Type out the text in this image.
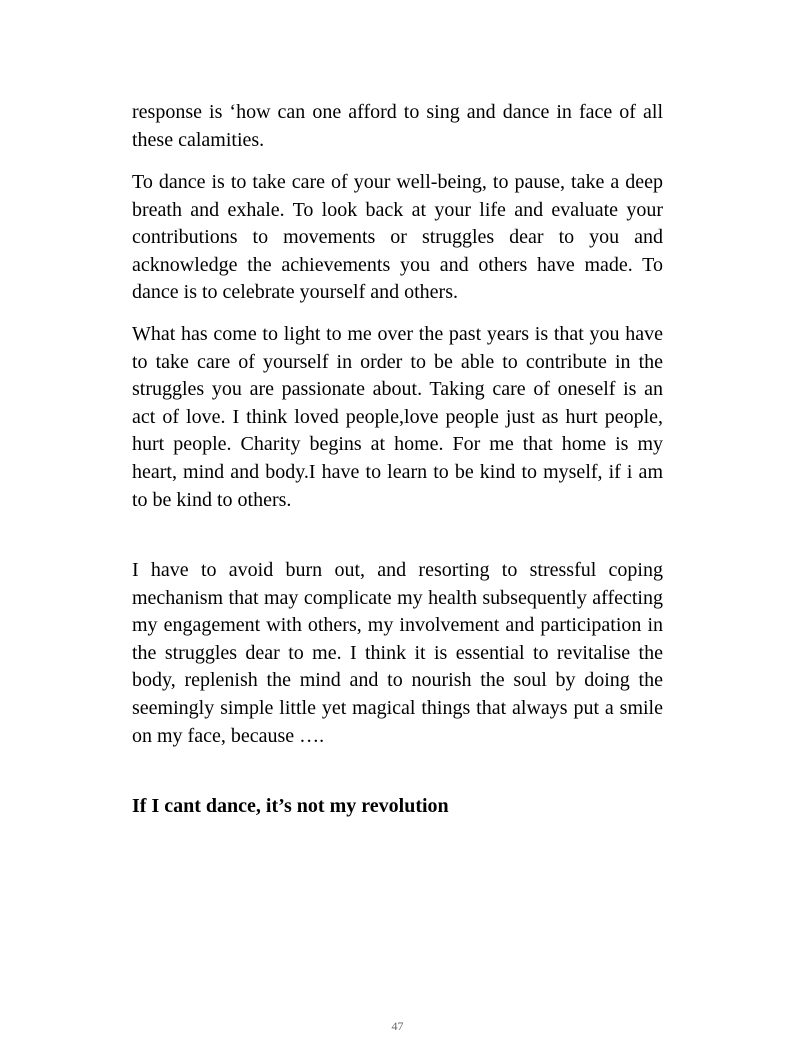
response is ‘how can one afford to sing and dance in face of all these calamities.

To dance is to take care of your well-being, to pause, take a deep breath and exhale. To look back at your life and evaluate your contributions to movements or struggles dear to you and acknowledge the achievements you and others have made. To dance is to celebrate yourself and others.

What has come to light to me over the past years is that you have to take care of yourself in order to be able to contribute in the struggles you are passionate about. Taking care of oneself is an act of love. I think loved people,love people just as hurt people, hurt people. Charity begins at home. For me that home is my heart, mind and body.I have to learn to be kind to myself, if i am to be kind to others.

I have to avoid burn out, and resorting to stressful coping mechanism that may complicate my health subsequently affecting my engagement with others, my involvement and participation in the struggles dear to me. I think it is essential to revitalise the body, replenish the mind and to nourish the soul by doing the seemingly simple little yet magical things that always put a smile on my face, because ….

If I cant dance, it’s not my revolution

47
